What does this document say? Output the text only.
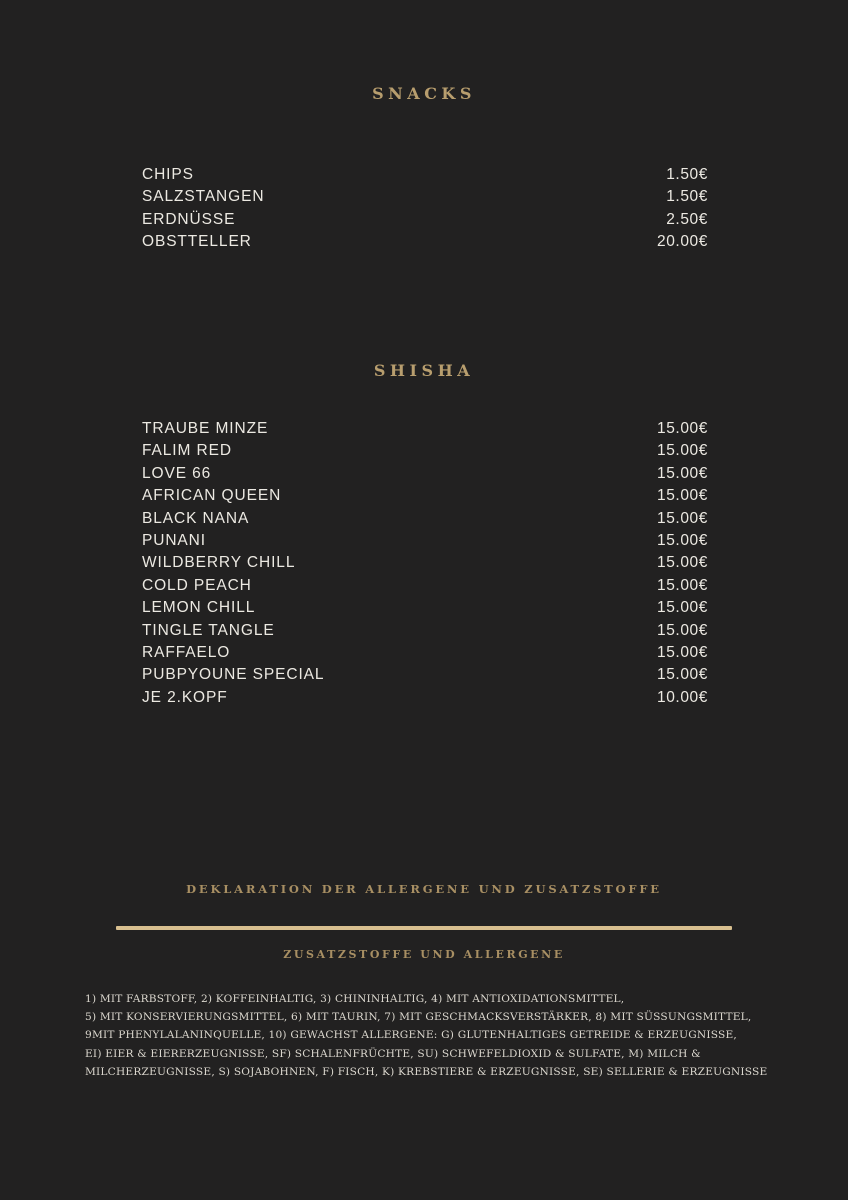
SNACKS
CHIPS	1.50€
SALZSTANGEN	1.50€
ERDNÜSSE	2.50€
OBSTTELLER	20.00€
SHISHA
TRAUBE MINZE	15.00€
FALIM RED	15.00€
LOVE 66	15.00€
AFRICAN QUEEN	15.00€
BLACK NANA	15.00€
PUNANI	15.00€
WILDBERRY CHILL	15.00€
COLD PEACH	15.00€
LEMON CHILL	15.00€
TINGLE TANGLE	15.00€
RAFFAELO	15.00€
PUBPYOUNE SPECIAL	15.00€
JE 2.KOPF	10.00€
DEKLARATION DER ALLERGENE UND ZUSATZSTOFFE
ZUSATZSTOFFE UND ALLERGENE

1) MIT FARBSTOFF, 2) KOFFEINHALTIG, 3) CHININHALTIG, 4) MIT ANTIOXIDATIONSMITTEL,
5) MIT KONSERVIERUNGSMITTEL, 6) MIT TAURIN, 7) MIT GESCHMACKSVERSTÄRKER, 8) MIT SÜSSUNGSMITTEL,
9MIT PHENYLALANINQUELLE, 10) GEWACHST ALLERGENE: G) GLUTENHALTIGES GETREIDE & ERZEUGNISSE,
EI) EIER & EIERERZEUGNISSE, SF) SCHALENFRÜCHTE, SU) SCHWEFELDIOXID & SULFATE, M) MILCH & MILCHERZEUGNISSE, S) SOJABOHNEN, F) FISCH, K) KREBSTIERE & ERZEUGNISSE, SE) SELLERIE & ERZEUGNISSE
